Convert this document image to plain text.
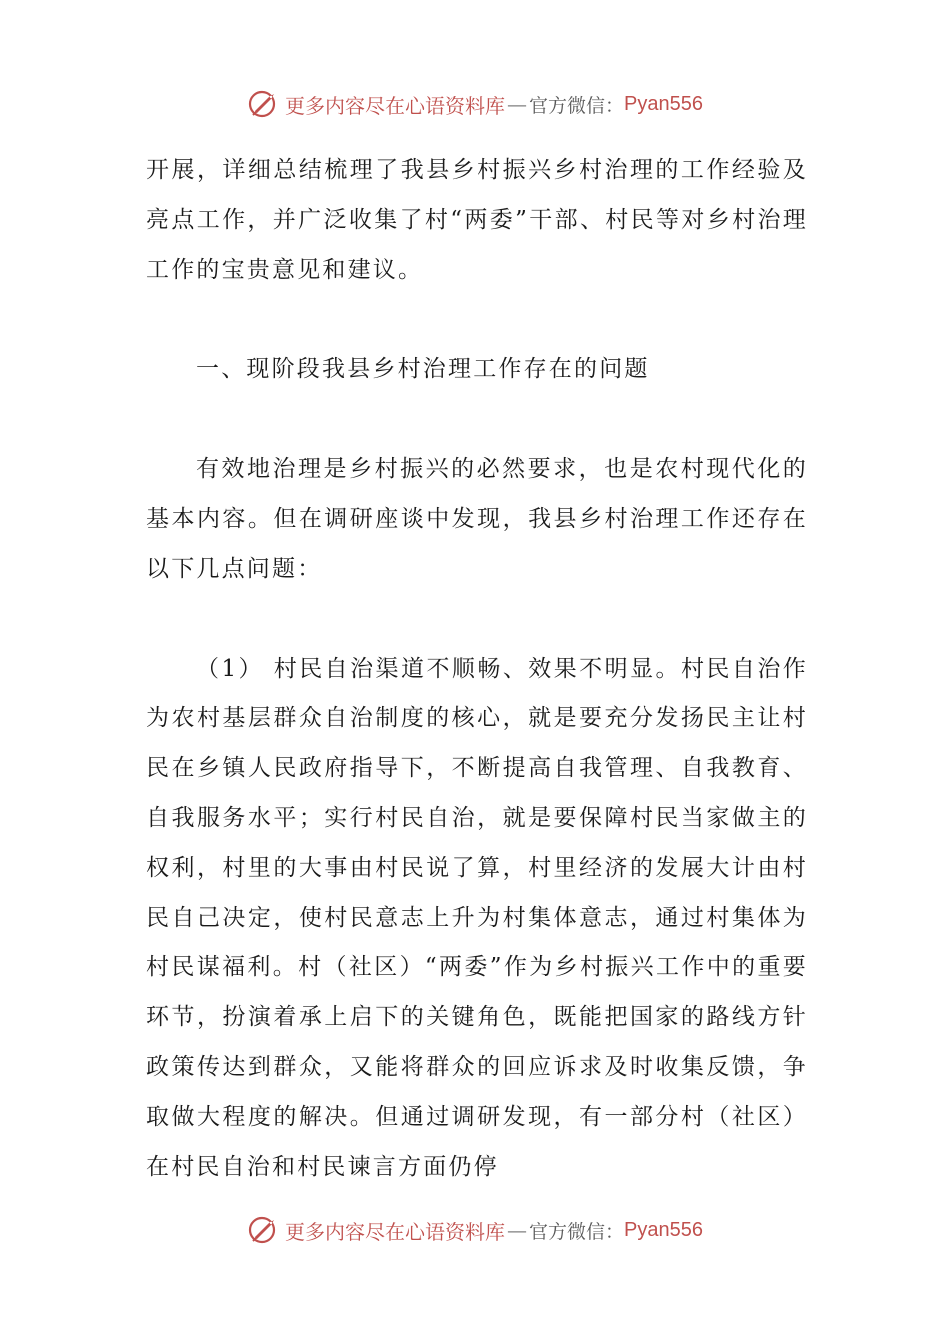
更多内容尽在心语资料库 — 官方微信： Pyan556

开展，详细总结梳理了我县乡村振兴乡村治理的工作经验及亮点工作，并广泛收集了村“两委”干部、村民等对乡村治理工作的宝贵意见和建议。

一、现阶段我县乡村治理工作存在的问题

有效地治理是乡村振兴的必然要求，也是农村现代化的基本内容。但在调研座谈中发现，我县乡村治理工作还存在以下几点问题：

（1） 村民自治渠道不顺畅、效果不明显。村民自治作为农村基层群众自治制度的核心，就是要充分发扬民主让村民在乡镇人民政府指导下，不断提高自我管理、自我教育、自我服务水平；实行村民自治，就是要保障村民当家做主的权利，村里的大事由村民说了算，村里经济的发展大计由村民自己决定，使村民意志上升为村集体意志，通过村集体为村民谋福利。村（社区）“两委”作为乡村振兴工作中的重要环节，扮演着承上启下的关键角色，既能把国家的路线方针政策传达到群众，又能将群众的回应诉求及时收集反馈，争取做大程度的解决。但通过调研发现，有一部分村（社区）在村民自治和村民谏言方面仍停

更多内容尽在心语资料库 — 官方微信： Pyan556
